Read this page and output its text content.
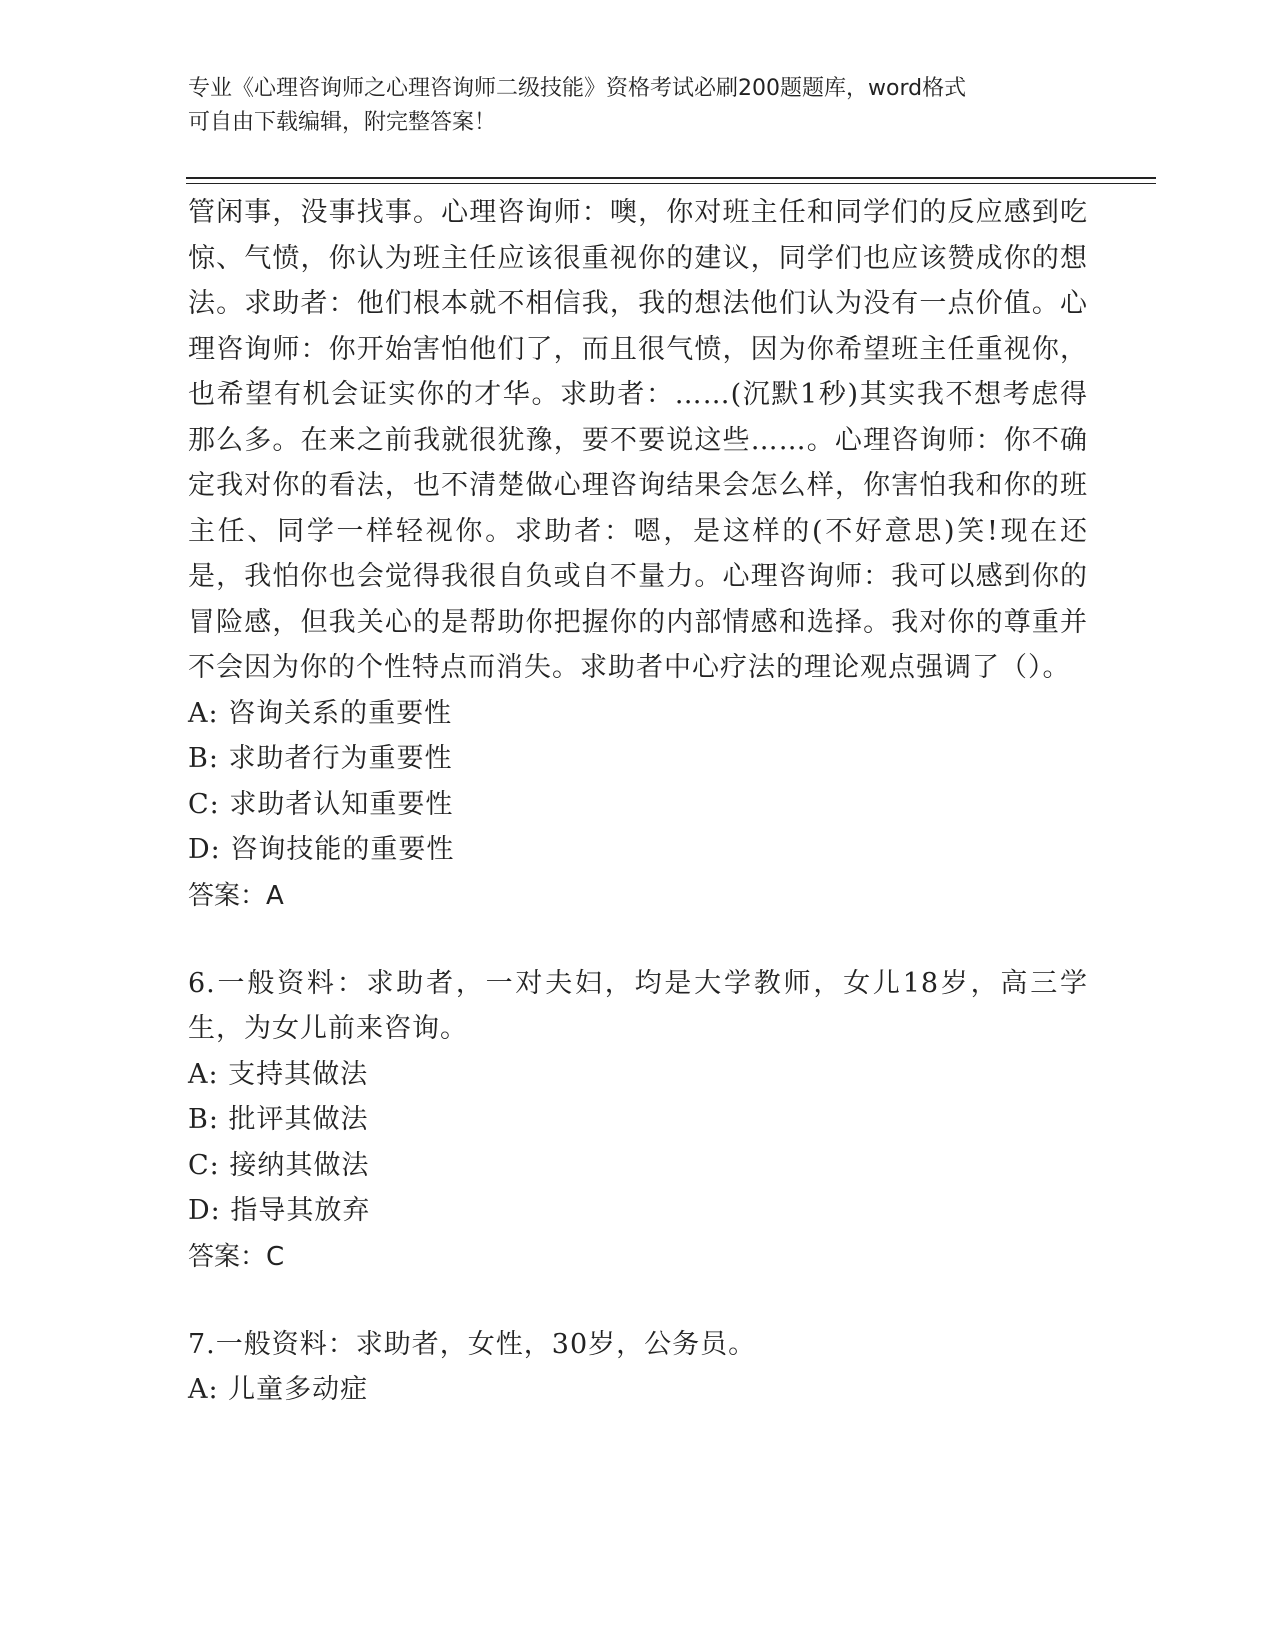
专业《心理咨询师之心理咨询师二级技能》资格考试必刷200题题库，word格式
可自由下载编辑，附完整答案！
管闲事，没事找事。心理咨询师：噢，你对班主任和同学们的反应感到吃惊、气愤，你认为班主任应该很重视你的建议，同学们也应该赞成你的想法。求助者：他们根本就不相信我，我的想法他们认为没有一点价值。心理咨询师：你开始害怕他们了，而且很气愤，因为你希望班主任重视你，也希望有机会证实你的才华。求助者：……(沉默1秒)其实我不想考虑得那么多。在来之前我就很犹豫，要不要说这些……。心理咨询师：你不确定我对你的看法，也不清楚做心理咨询结果会怎么样，你害怕我和你的班主任、同学一样轻视你。求助者：嗯，是这样的(不好意思)笑!现在还是，我怕你也会觉得我很自负或自不量力。心理咨询师：我可以感到你的冒险感，但我关心的是帮助你把握你的内部情感和选择。我对你的尊重并不会因为你的个性特点而消失。求助者中心疗法的理论观点强调了（）。
A: 咨询关系的重要性
B: 求助者行为重要性
C: 求助者认知重要性
D: 咨询技能的重要性
答案：A
6.一般资料：求助者，一对夫妇，均是大学教师，女儿18岁，高三学生，为女儿前来咨询。
A: 支持其做法
B: 批评其做法
C: 接纳其做法
D: 指导其放弃
答案：C
7.一般资料：求助者，女性，30岁，公务员。
A: 儿童多动症
